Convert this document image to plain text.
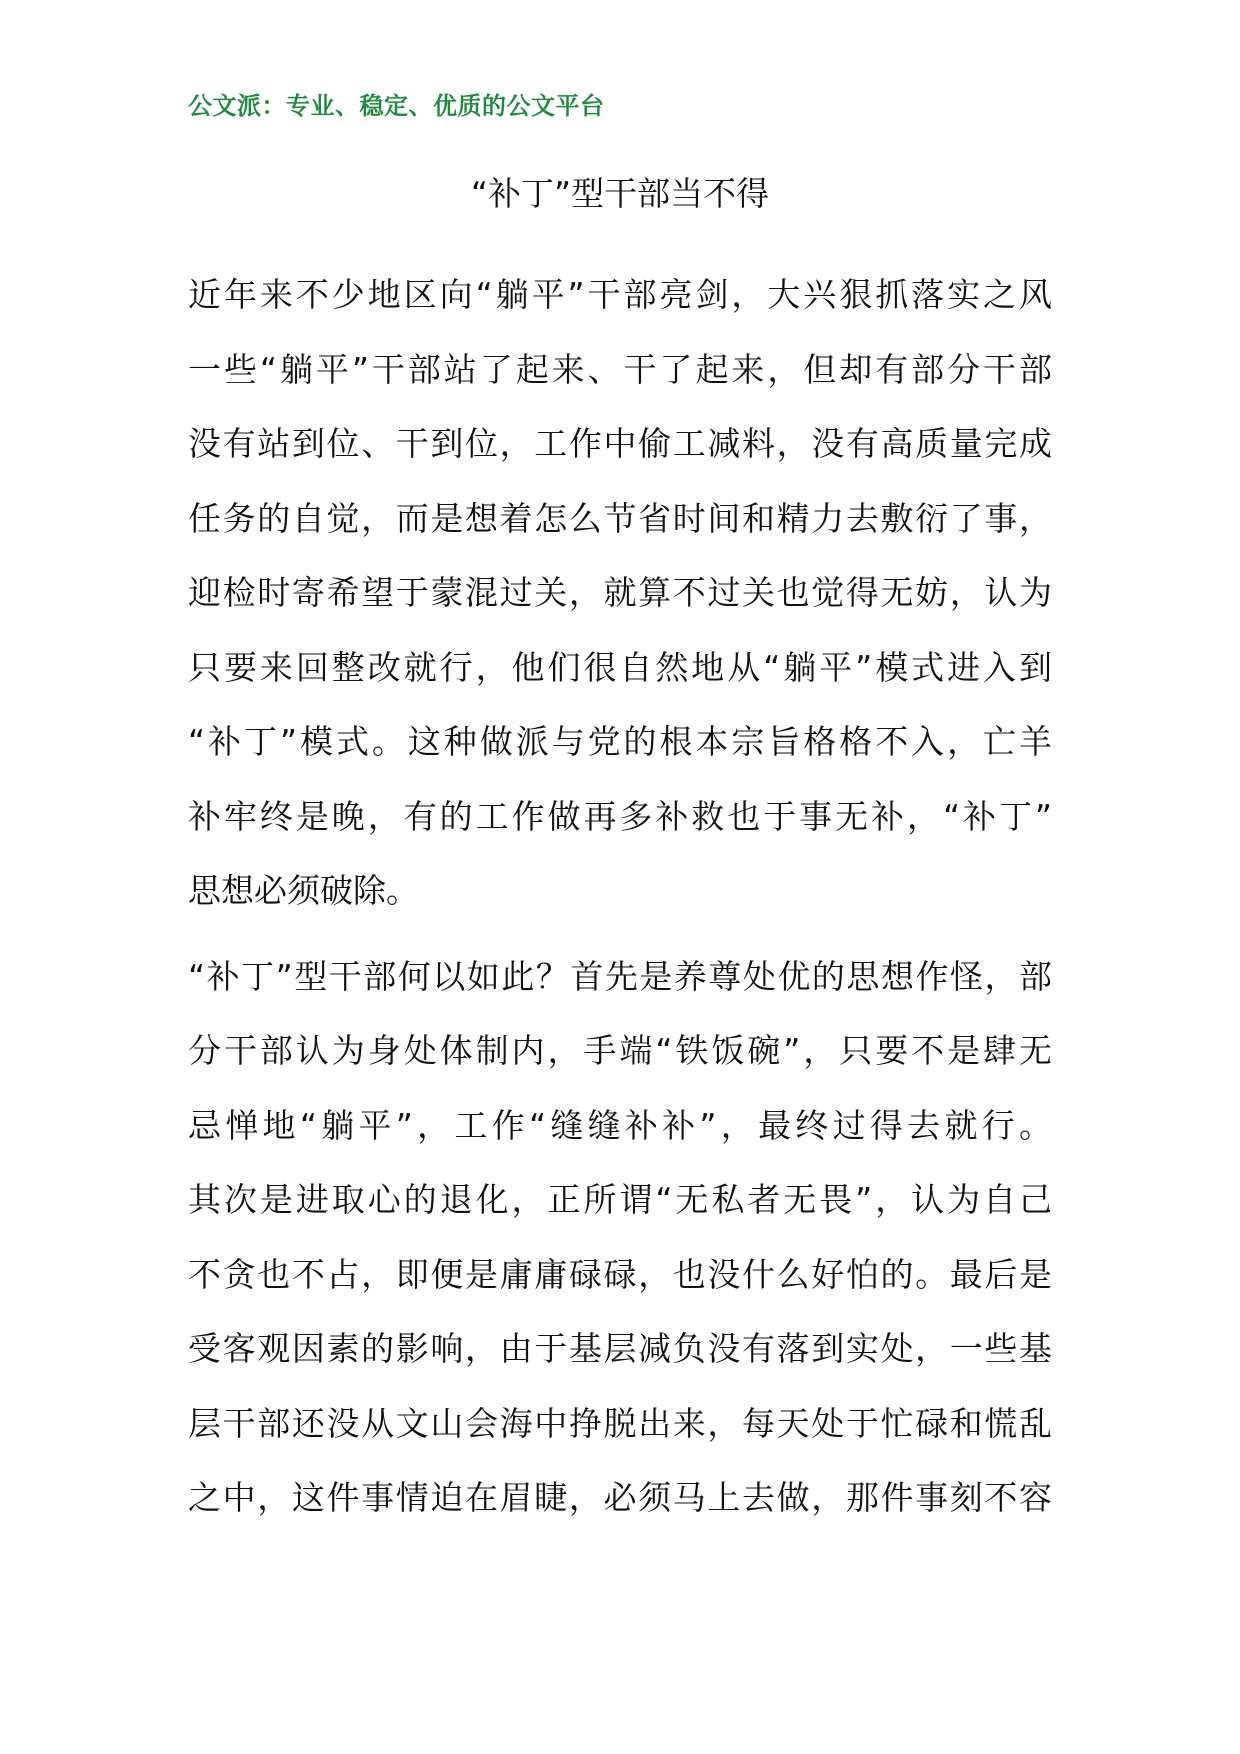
公文派：专业、稳定、优质的公文平台
“补丁”型干部当不得

近年来不少地区向“躺平”干部亮剑，大兴狠抓落实之风
一些“躺平”干部站了起来、干了起来，但却有部分干部
没有站到位、干到位，工作中偷工减料，没有高质量完成
任务的自觉，而是想着怎么节省时间和精力去敷衍了事，
迎检时寄希望于蒙混过关，就算不过关也觉得无妨，认为
只要来回整改就行，他们很自然地从“躺平”模式进入到
“补丁”模式。这种做派与党的根本宗旨格格不入，亡羊
补牢终是晚，有的工作做再多补救也于事无补，“补丁”
思想必须破除。

“补丁”型干部何以如此？首先是养尊处优的思想作怪，部
分干部认为身处体制内，手端“铁饭碗”，只要不是肆无
忌惮地“躺平”，工作“缝缝补补”，最终过得去就行。
其次是进取心的退化，正所谓“无私者无畏”，认为自己
不贪也不占，即便是庸庸碌碌，也没什么好怕的。最后是
受客观因素的影响，由于基层减负没有落到实处，一些基
层干部还没从文山会海中挣脱出来，每天处于忙碌和慌乱
之中，这件事情迫在眉睫，必须马上去做，那件事刻不容
